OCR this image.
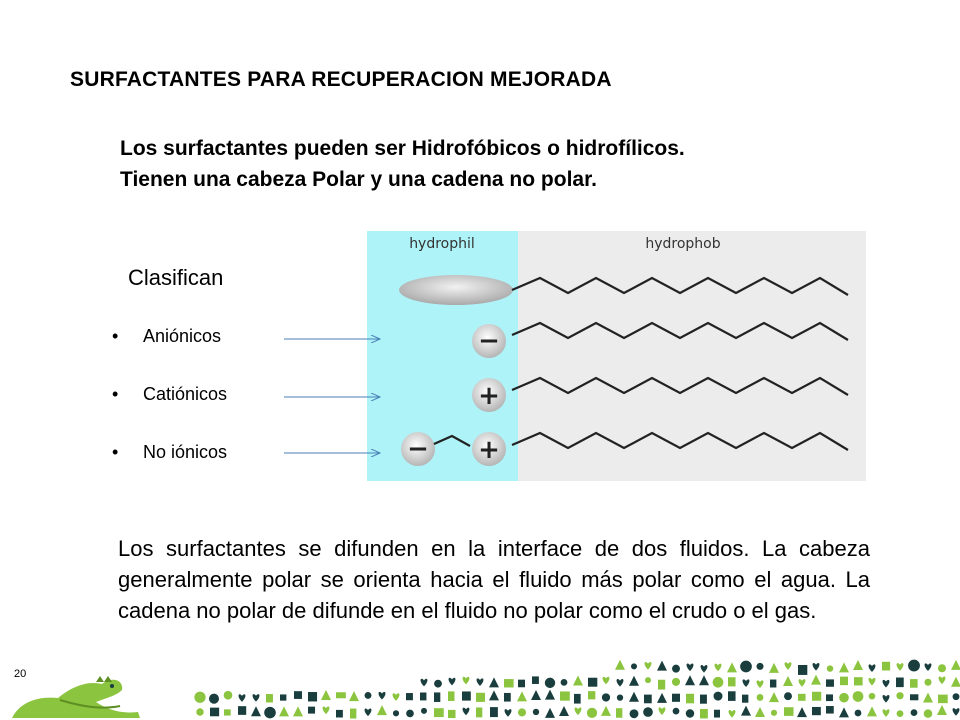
SURFACTANTES PARA RECUPERACION MEJORADA
Los surfactantes pueden ser Hidrofóbicos o hidrofílicos.
Tienen una cabeza Polar y una cadena no polar.
Clasifican
• Aniónicos
• Catiónicos
• No iónicos
hydrophil	hydrophob
−
+
− +
Los surfactantes se difunden en la interface de dos fluidos. La cabeza generalmente polar se orienta hacia el fluido más polar como el agua. La cadena no polar de difunde en el fluido no polar como el crudo o el gas.
20
